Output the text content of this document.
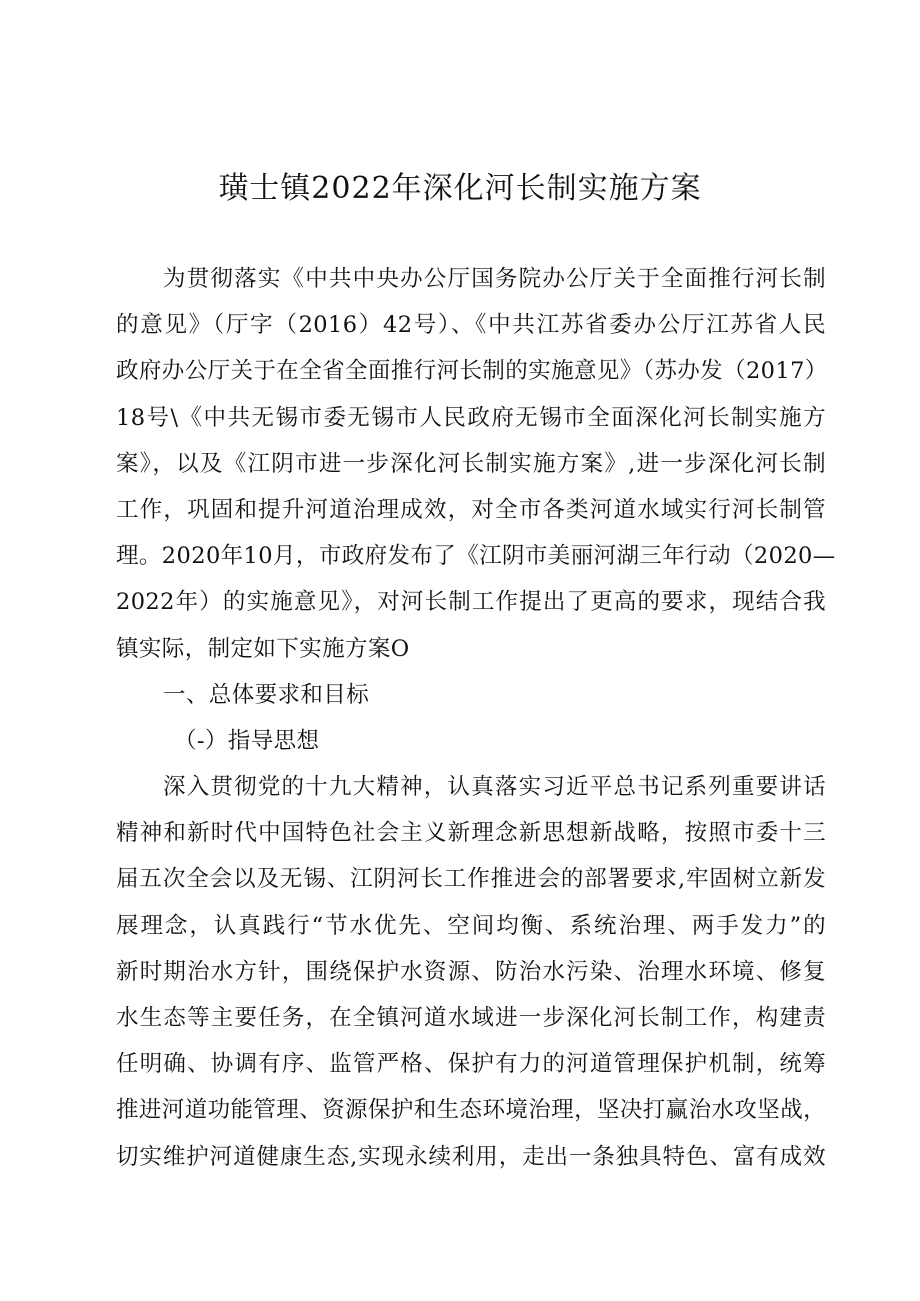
璜士镇2022年深化河长制实施方案
为贯彻落实《中共中央办公厅国务院办公厅关于全面推行河长制
的意见》（厅字（2016）42号）、《中共江苏省委办公厅江苏省人民
政府办公厅关于在全省全面推行河长制的实施意见》（苏办发（2017）
18号\《中共无锡市委无锡市人民政府无锡市全面深化河长制实施方
案》，以及《江阴市进一步深化河长制实施方案》,进一步深化河长制
工作，巩固和提升河道治理成效，对全市各类河道水域实行河长制管
理。2020年10月，市政府发布了《江阴市美丽河湖三年行动（2020—
2022年）的实施意见》，对河长制工作提出了更高的要求，现结合我
镇实际，制定如下实施方案O
一、总体要求和目标
（-）指导思想
深入贯彻党的十九大精神，认真落实习近平总书记系列重要讲话
精神和新时代中国特色社会主义新理念新思想新战略，按照市委十三
届五次全会以及无锡、江阴河长工作推进会的部署要求,牢固树立新发
展理念，认真践行“节水优先、空间均衡、系统治理、两手发力”的
新时期治水方针，围绕保护水资源、防治水污染、治理水环境、修复
水生态等主要任务，在全镇河道水域进一步深化河长制工作，构建责
任明确、协调有序、监管严格、保护有力的河道管理保护机制，统筹
推进河道功能管理、资源保护和生态环境治理，坚决打赢治水攻坚战，
切实维护河道健康生态,实现永续利用，走出一条独具特色、富有成效
